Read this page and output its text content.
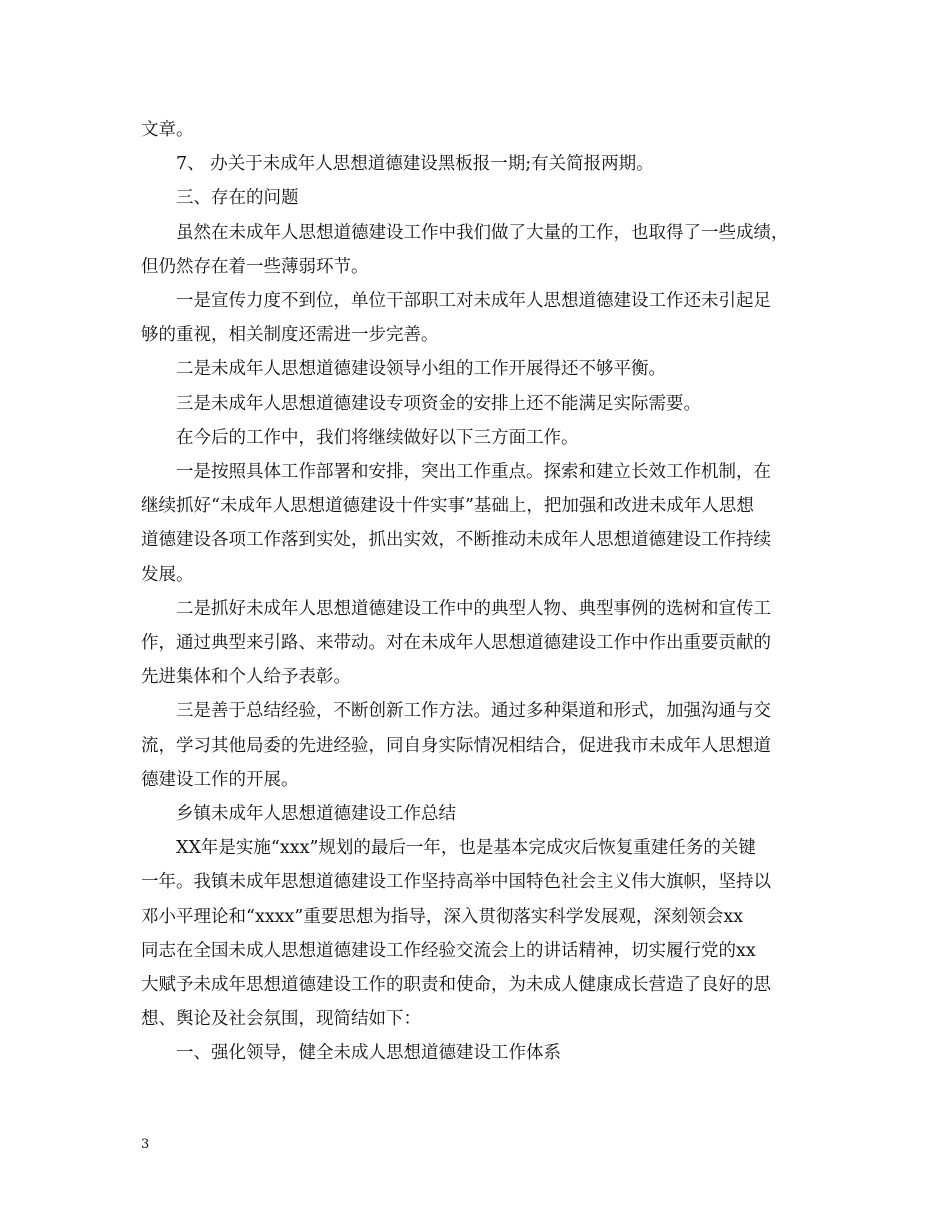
文章。
7、 办关于未成年人思想道德建设黑板报一期;有关简报两期。
三、存在的问题
虽然在未成年人思想道德建设工作中我们做了大量的工作，也取得了一些成绩，
但仍然存在着一些薄弱环节。
一是宣传力度不到位，单位干部职工对未成年人思想道德建设工作还未引起足
够的重视，相关制度还需进一步完善。
二是未成年人思想道德建设领导小组的工作开展得还不够平衡。
三是未成年人思想道德建设专项资金的安排上还不能满足实际需要。
在今后的工作中，我们将继续做好以下三方面工作。
一是按照具体工作部署和安排，突出工作重点。探索和建立长效工作机制，在
继续抓好“未成年人思想道德建设十件实事”基础上，把加强和改进未成年人思想
道德建设各项工作落到实处，抓出实效，不断推动未成年人思想道德建设工作持续
发展。
二是抓好未成年人思想道德建设工作中的典型人物、典型事例的选树和宣传工
作，通过典型来引路、来带动。对在未成年人思想道德建设工作中作出重要贡献的
先进集体和个人给予表彰。
三是善于总结经验，不断创新工作方法。通过多种渠道和形式，加强沟通与交
流，学习其他局委的先进经验，同自身实际情况相结合，促进我市未成年人思想道
德建设工作的开展。
乡镇未成年人思想道德建设工作总结
XX年是实施“xxx”规划的最后一年，也是基本完成灾后恢复重建任务的关键
一年。我镇未成年思想道德建设工作坚持高举中国特色社会主义伟大旗帜，坚持以
邓小平理论和“xxxx”重要思想为指导，深入贯彻落实科学发展观，深刻领会xx
同志在全国未成人思想道德建设工作经验交流会上的讲话精神，切实履行党的xx
大赋予未成年思想道德建设工作的职责和使命，为未成人健康成长营造了良好的思
想、舆论及社会氛围，现简结如下：
一、强化领导，健全未成人思想道德建设工作体系
3
